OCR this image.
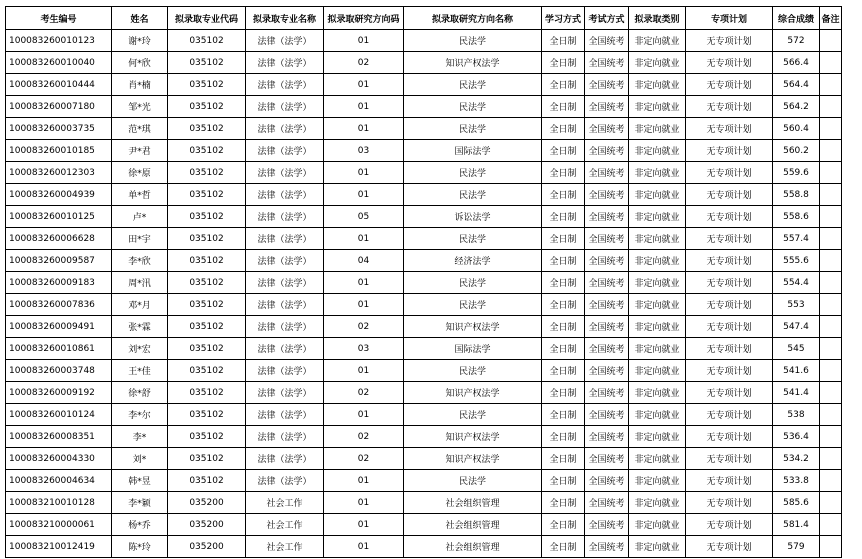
考生编号	姓名	拟录取专业代码	拟录取专业名称	拟录取研究方向码	拟录取研究方向名称	学习方式	考试方式	拟录取类别	专项计划	综合成绩	备注
100083260010123	谢*玲	035102	法律（法学）	01	民法学	全日制	全国统考	非定向就业	无专项计划	572	
100083260010040	何*欣	035102	法律（法学）	02	知识产权法学	全日制	全国统考	非定向就业	无专项计划	566.4	
100083260010444	肖*楠	035102	法律（法学）	01	民法学	全日制	全国统考	非定向就业	无专项计划	564.4	
100083260007180	邹*光	035102	法律（法学）	01	民法学	全日制	全国统考	非定向就业	无专项计划	564.2	
100083260003735	范*琪	035102	法律（法学）	01	民法学	全日制	全国统考	非定向就业	无专项计划	560.4	
100083260010185	尹*君	035102	法律（法学）	03	国际法学	全日制	全国统考	非定向就业	无专项计划	560.2	
100083260012303	徐*原	035102	法律（法学）	01	民法学	全日制	全国统考	非定向就业	无专项计划	559.6	
100083260004939	单*哲	035102	法律（法学）	01	民法学	全日制	全国统考	非定向就业	无专项计划	558.8	
100083260010125	卢*	035102	法律（法学）	05	诉讼法学	全日制	全国统考	非定向就业	无专项计划	558.6	
100083260006628	田*宇	035102	法律（法学）	01	民法学	全日制	全国统考	非定向就业	无专项计划	557.4	
100083260009587	李*欣	035102	法律（法学）	04	经济法学	全日制	全国统考	非定向就业	无专项计划	555.6	
100083260009183	周*汛	035102	法律（法学）	01	民法学	全日制	全国统考	非定向就业	无专项计划	554.4	
100083260007836	邓*月	035102	法律（法学）	01	民法学	全日制	全国统考	非定向就业	无专项计划	553	
100083260009491	张*霖	035102	法律（法学）	02	知识产权法学	全日制	全国统考	非定向就业	无专项计划	547.4	
100083260010861	刘*宏	035102	法律（法学）	03	国际法学	全日制	全国统考	非定向就业	无专项计划	545	
100083260003748	王*佳	035102	法律（法学）	01	民法学	全日制	全国统考	非定向就业	无专项计划	541.6	
100083260009192	徐*舒	035102	法律（法学）	02	知识产权法学	全日制	全国统考	非定向就业	无专项计划	541.4	
100083260010124	李*尔	035102	法律（法学）	01	民法学	全日制	全国统考	非定向就业	无专项计划	538	
100083260008351	李*	035102	法律（法学）	02	知识产权法学	全日制	全国统考	非定向就业	无专项计划	536.4	
100083260004330	刘*	035102	法律（法学）	02	知识产权法学	全日制	全国统考	非定向就业	无专项计划	534.2	
100083260004634	韩*昱	035102	法律（法学）	01	民法学	全日制	全国统考	非定向就业	无专项计划	533.8	
100083210010128	李*颖	035200	社会工作	01	社会组织管理	全日制	全国统考	非定向就业	无专项计划	585.6	
100083210000061	杨*乔	035200	社会工作	01	社会组织管理	全日制	全国统考	非定向就业	无专项计划	581.4	
100083210012419	陈*玲	035200	社会工作	01	社会组织管理	全日制	全国统考	非定向就业	无专项计划	579	
